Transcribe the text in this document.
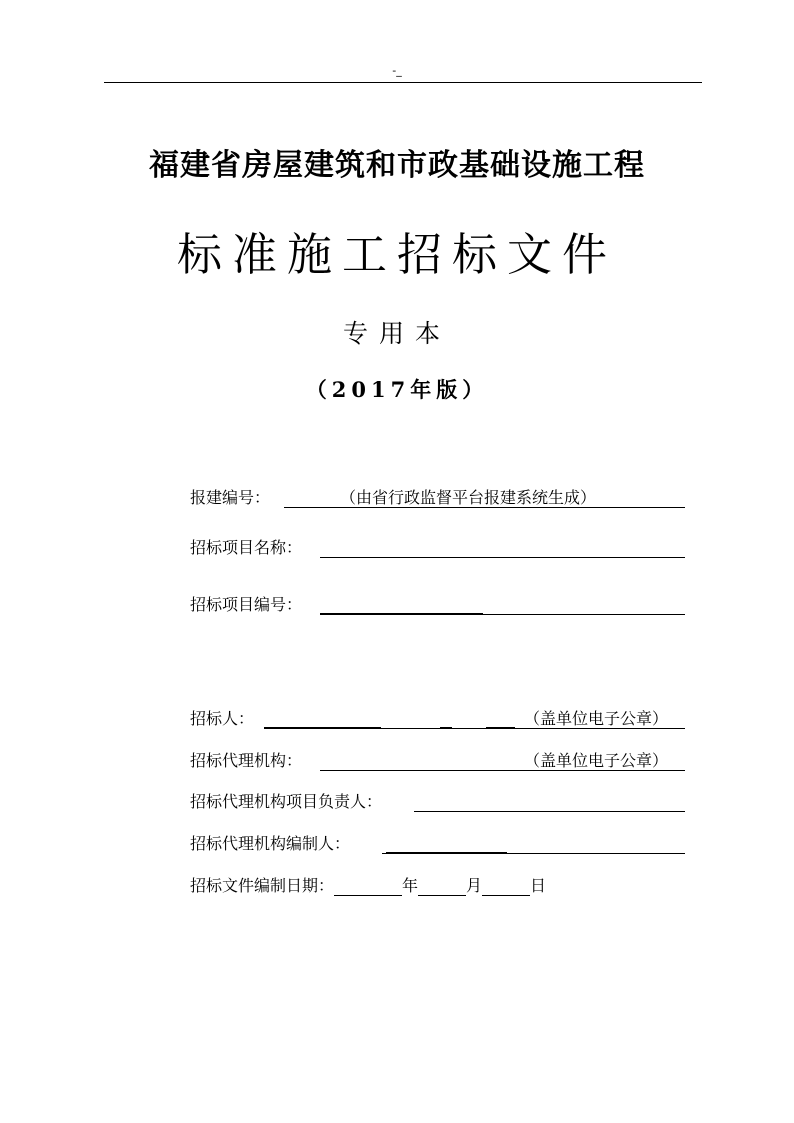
-_
福建省房屋建筑和市政基础设施工程
标准施工招标文件
专用本
（2017年版）
报建编号：	（由省行政监督平台报建系统生成）
招标项目名称：
招标项目编号：
招标人：	（盖单位电子公章）
招标代理机构：	（盖单位电子公章）
招标代理机构项目负责人：
招标代理机构编制人：
招标文件编制日期：	年	月	日
